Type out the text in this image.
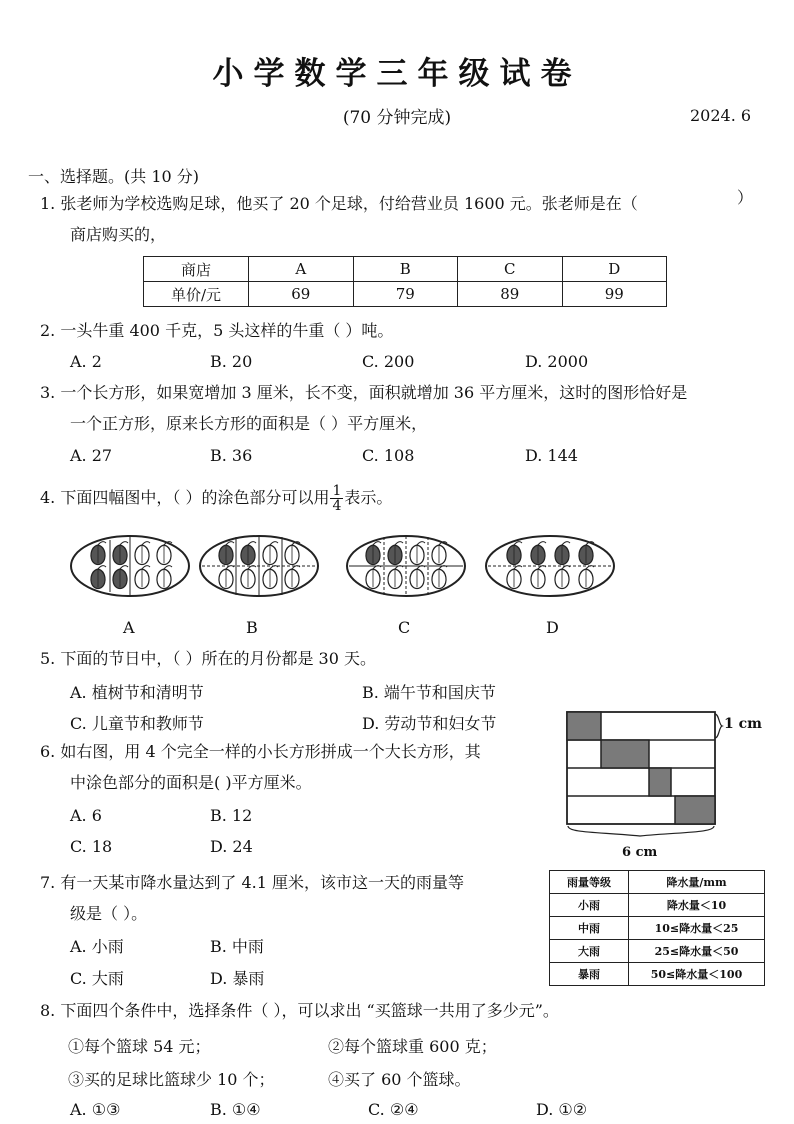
小学数学三年级试卷
(70 分钟完成)	2024. 6
一、选择题。(共 10 分)
1. 张老师为学校选购足球，他买了 20 个足球，付给营业员 1600 元。张老师是在（	）
商店购买的，
商店	A	B	C	D
单价/元	69	79	89	99
2. 一头牛重 400 千克，5 头这样的牛重（ ）吨。
A. 2	B. 20	C. 200	D. 2000
3. 一个长方形，如果宽增加 3 厘米，长不变，面积就增加 36 平方厘米，这时的图形恰好是
一个正方形，原来长方形的面积是（ ）平方厘米，
A. 27	B. 36	C. 108	D. 144
4. 下面四幅图中，（ ）的涂色部分可以用 $\frac{1}{4}$ 表示。
A	B	C	D
5. 下面的节日中，（ ）所在的月份都是 30 天。
A. 植树节和清明节	B. 端午节和国庆节
C. 儿童节和教师节	D. 劳动节和妇女节
6. 如右图，用 4 个完全一样的小长方形拼成一个大长方形，其
中涂色部分的面积是( )平方厘米。
A. 6	B. 12
C. 18	D. 24
1 cm
6 cm
7. 有一天某市降水量达到了 4.1 厘米，该市这一天的雨量等
级是（ ）。
A. 小雨	B. 中雨
C. 大雨	D. 暴雨
雨量等级	降水量/mm
小雨	降水量＜10
中雨	10≤降水量＜25
大雨	25≤降水量＜50
暴雨	50≤降水量＜100
8. 下面四个条件中，选择条件（ ），可以求出 “买篮球一共用了多少元”。
①每个篮球 54 元；	②每个篮球重 600 克；
③买的足球比篮球少 10 个；	④买了 60 个篮球。
A. ①③	B. ①④	C. ②④	D. ①②
